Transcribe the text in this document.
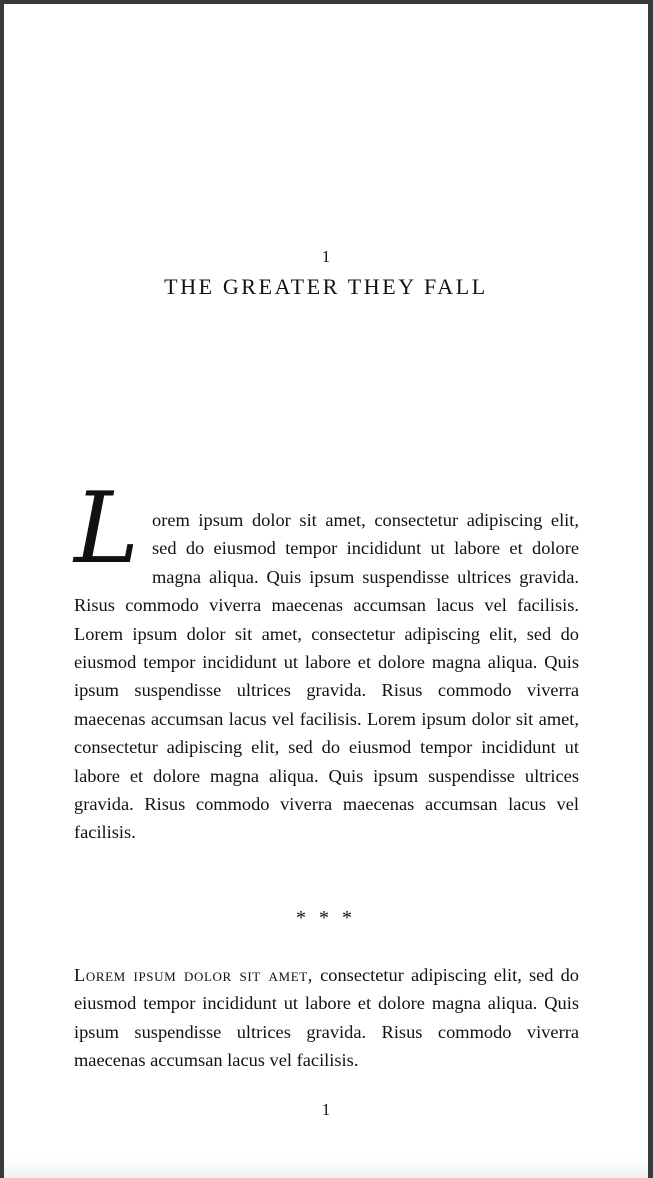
1
THE GREATER THEY FALL

Lorem ipsum dolor sit amet, consectetur adipiscing elit, sed do eiusmod tempor incididunt ut labore et dolore magna aliqua. Quis ipsum suspendisse ultrices gravida. Risus commodo viverra maecenas accumsan lacus vel facilisis. Lorem ipsum dolor sit amet, consectetur adipiscing elit, sed do eiusmod tempor incididunt ut labore et dolore magna aliqua. Quis ipsum suspendisse ultrices gravida. Risus commodo viverra maecenas accumsan lacus vel facilisis. Lorem ipsum dolor sit amet, consectetur adipiscing elit, sed do eiusmod tempor incididunt ut labore et dolore magna aliqua. Quis ipsum suspendisse ultrices gravida. Risus commodo viverra maecenas accumsan lacus vel facilisis.

* * *

Lorem ipsum dolor sit amet, consectetur adipiscing elit, sed do eiusmod tempor incididunt ut labore et dolore magna aliqua. Quis ipsum suspendisse ultrices gravida. Risus commodo viverra maecenas accumsan lacus vel facilisis.

1
